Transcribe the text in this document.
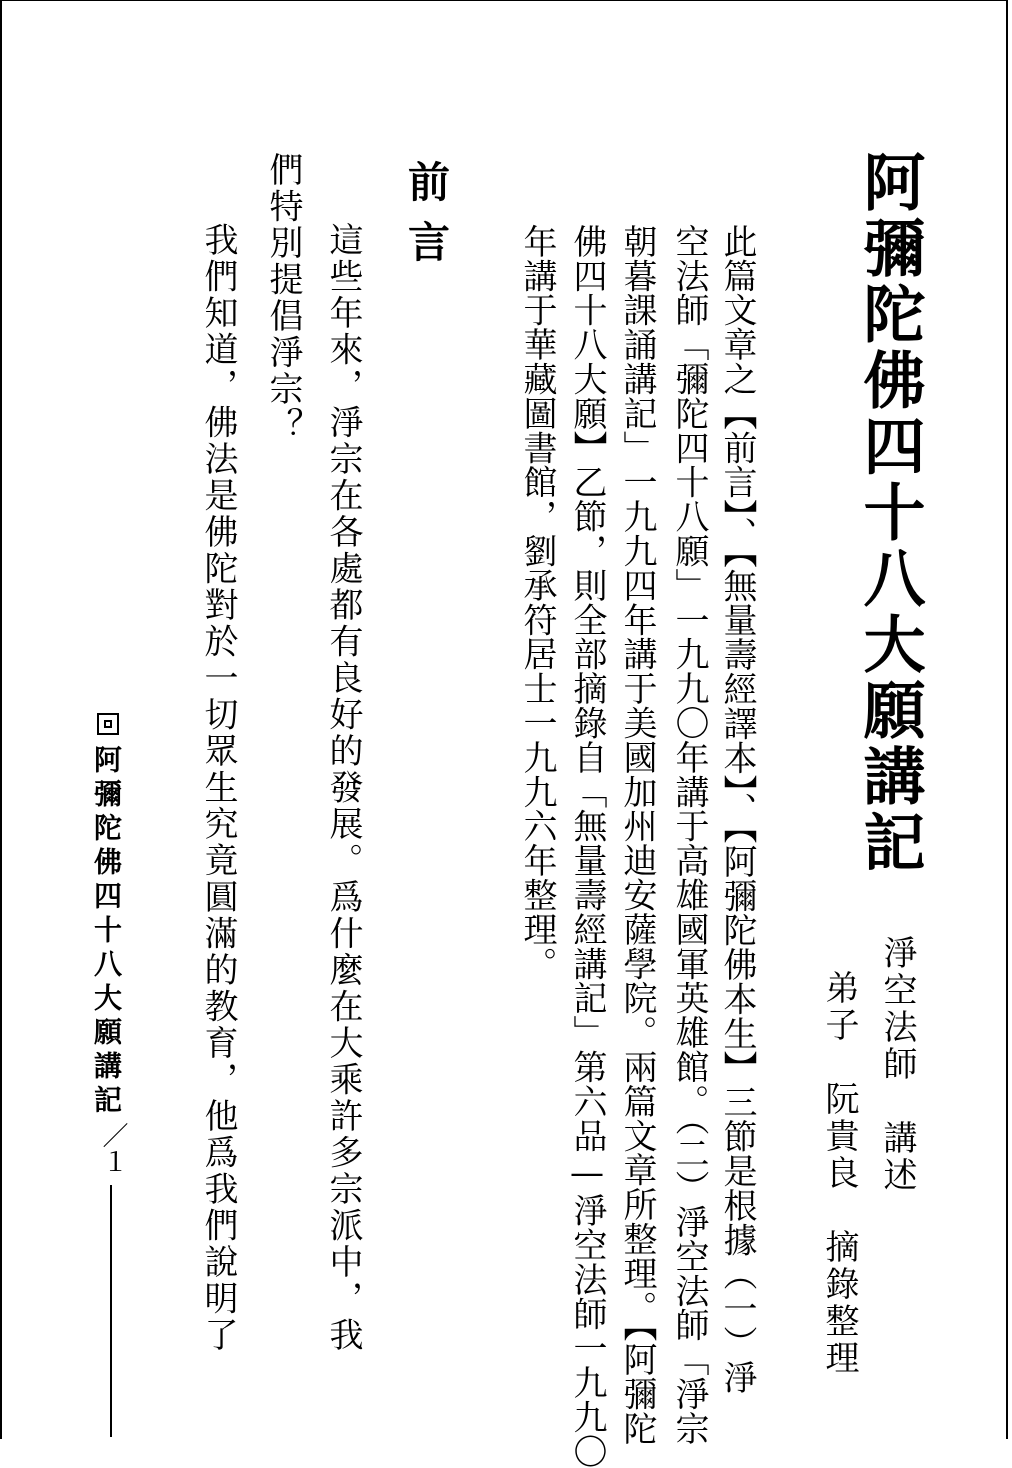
阿彌陀佛四十八大願講記
淨空法師　講述
弟子　阮貴良　摘錄整理
此篇文章之【前言】、【無量壽經譯本】、【阿彌陀佛本生】三節是根據（一）淨
空法師「彌陀四十八願」一九九〇年講于高雄國軍英雄館。（二）淨空法師「淨宗
朝暮課誦講記」一九九四年講于美國加州迪安薩學院。兩篇文章所整理。【阿彌陀
佛四十八大願】乙節，則全部摘錄自「無量壽經講記」第六品—淨空法師一九九〇
年講于華藏圖書館，劉承符居士一九九六年整理。
前言
這些年來，淨宗在各處都有良好的發展。爲什麼在大乘許多宗派中，我
們特別提倡淨宗？
我們知道，佛法是佛陀對於一切眾生究竟圓滿的教育，他爲我們說明了
阿彌陀佛四十八大願講記
／１
